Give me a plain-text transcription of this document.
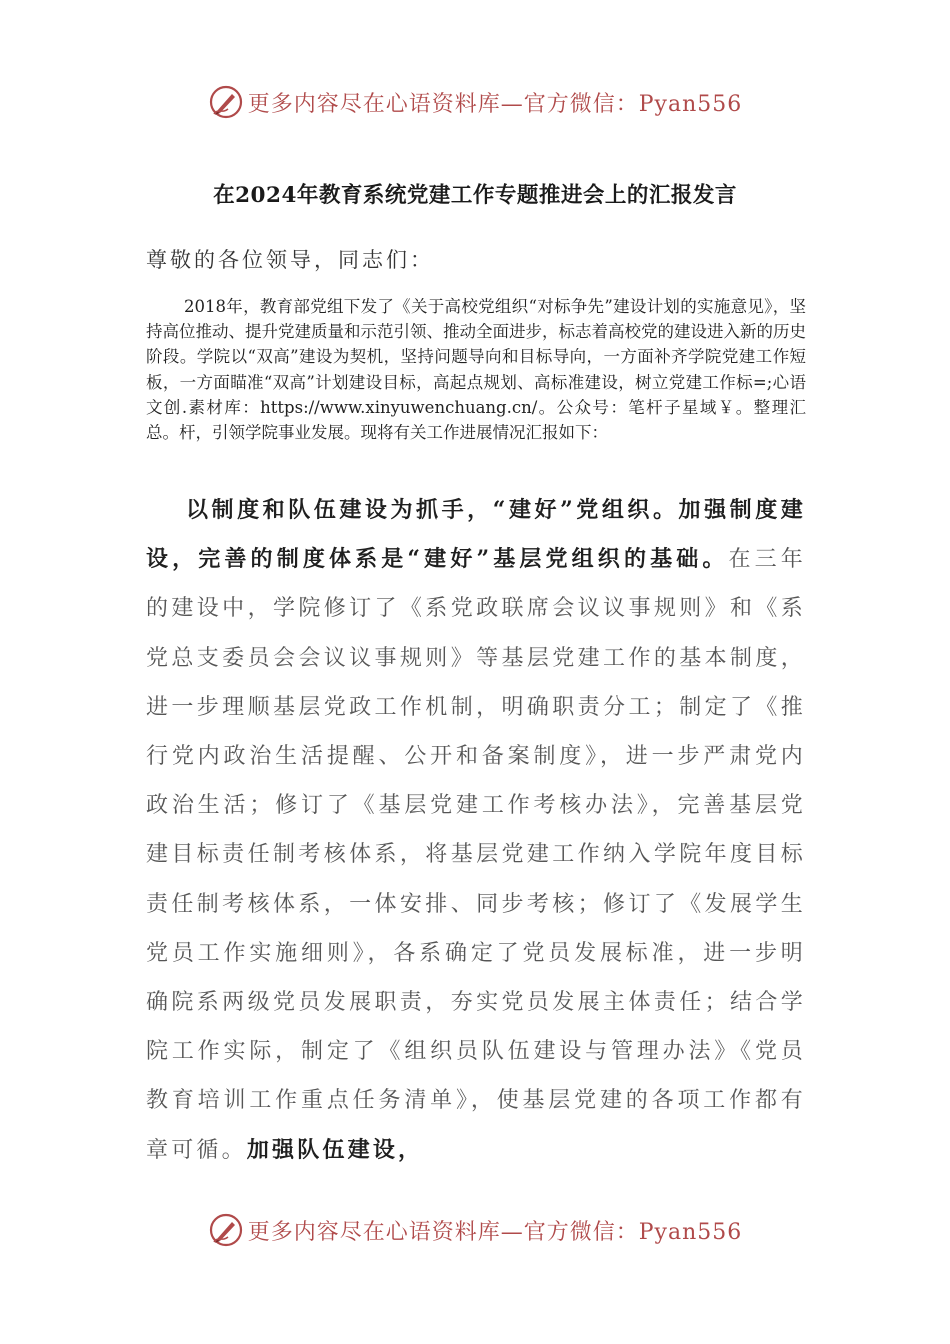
更多内容尽在心语资料库—官方微信：Pyan556
在2024年教育系统党建工作专题推进会上的汇报发言
尊敬的各位领导，同志们：

2018年，教育部党组下发了《关于高校党组织“对标争先”建设计划的实施意见》，坚持高位推动、提升党建质量和示范引领、推动全面进步，标志着高校党的建设进入新的历史阶段。学院以“双高”建设为契机，坚持问题导向和目标导向，一方面补齐学院党建工作短板，一方面瞄准“双高”计划建设目标，高起点规划、高标准建设，树立党建工作标=;心语文创.素材库：https://www.xinyuwenchuang.cn/。公众号：笔杆子星域￥。整理汇总。杆，引领学院事业发展。现将有关工作进展情况汇报如下：

以制度和队伍建设为抓手，“建好”党组织。加强制度建设，完善的制度体系是“建好”基层党组织的基础。在三年的建设中，学院修订了《系党政联席会议议事规则》和《系党总支委员会会议议事规则》等基层党建工作的基本制度，进一步理顺基层党政工作机制，明确职责分工；制定了《推行党内政治生活提醒、公开和备案制度》，进一步严肃党内政治生活；修订了《基层党建工作考核办法》，完善基层党建目标责任制考核体系，将基层党建工作纳入学院年度目标责任制考核体系，一体安排、同步考核；修订了《发展学生党员工作实施细则》，各系确定了党员发展标准，进一步明确院系两级党员发展职责，夯实党员发展主体责任；结合学院工作实际，制定了《组织员队伍建设与管理办法》《党员教育培训工作重点任务清单》，使基层党建的各项工作都有章可循。加强队伍建设，

更多内容尽在心语资料库—官方微信：Pyan556
